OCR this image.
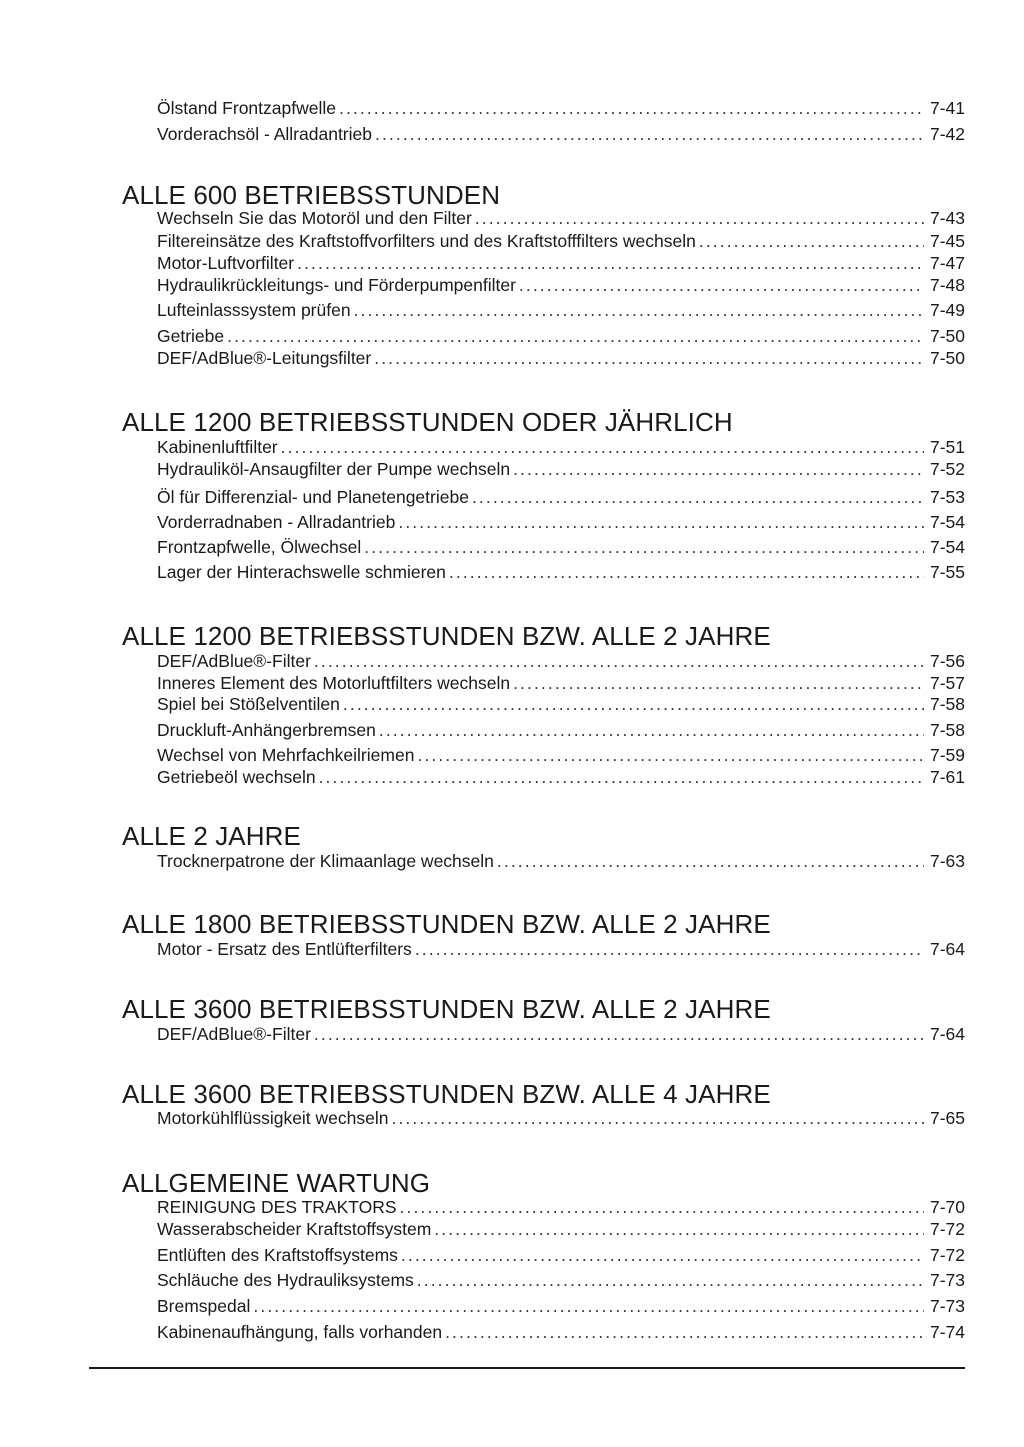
Ölstand Frontzapfwelle .....	7-41
Vorderachsöl - Allradantrieb .....	7-42
ALLE 600 BETRIEBSSTUNDEN
Wechseln Sie das Motoröl und den Filter .....	7-43
Filtereinsätze des Kraftstoffvorfilters und des Kraftstofffilters wechseln .....	7-45
Motor-Luftvorfilter .....	7-47
Hydraulikrückleitungs- und Förderpumpenfilter .....	7-48
Lufteinlasssystem prüfen .....	7-49
Getriebe .....	7-50
DEF/AdBlue®-Leitungsfilter .....	7-50
ALLE 1200 BETRIEBSSTUNDEN ODER JÄHRLICH
Kabinenluftfilter .....	7-51
Hydrauliköl-Ansaugfilter der Pumpe wechseln .....	7-52
Öl für Differenzial- und Planetengetriebe .....	7-53
Vorderradnaben - Allradantrieb .....	7-54
Frontzapfwelle, Ölwechsel .....	7-54
Lager der Hinterachswelle schmieren .....	7-55
ALLE 1200 BETRIEBSSTUNDEN BZW. ALLE 2 JAHRE
DEF/AdBlue®-Filter .....	7-56
Inneres Element des Motorluftfilters wechseln .....	7-57
Spiel bei Stößelventilen .....	7-58
Druckluft-Anhängerbremsen .....	7-58
Wechsel von Mehrfachkeilriemen .....	7-59
Getriebeöl wechseln .....	7-61
ALLE 2 JAHRE
Trocknerpatrone der Klimaanlage wechseln .....	7-63
ALLE 1800 BETRIEBSSTUNDEN BZW. ALLE 2 JAHRE
Motor - Ersatz des Entlüfterfilters .....	7-64
ALLE 3600 BETRIEBSSTUNDEN BZW. ALLE 2 JAHRE
DEF/AdBlue®-Filter .....	7-64
ALLE 3600 BETRIEBSSTUNDEN BZW. ALLE 4 JAHRE
Motorkühlflüssigkeit wechseln .....	7-65
ALLGEMEINE WARTUNG
REINIGUNG DES TRAKTORS .....	7-70
Wasserabscheider Kraftstoffsystem .....	7-72
Entlüften des Kraftstoffsystems .....	7-72
Schläuche des Hydrauliksystems .....	7-73
Bremspedal .....	7-73
Kabinenaufhängung, falls vorhanden .....	7-74
